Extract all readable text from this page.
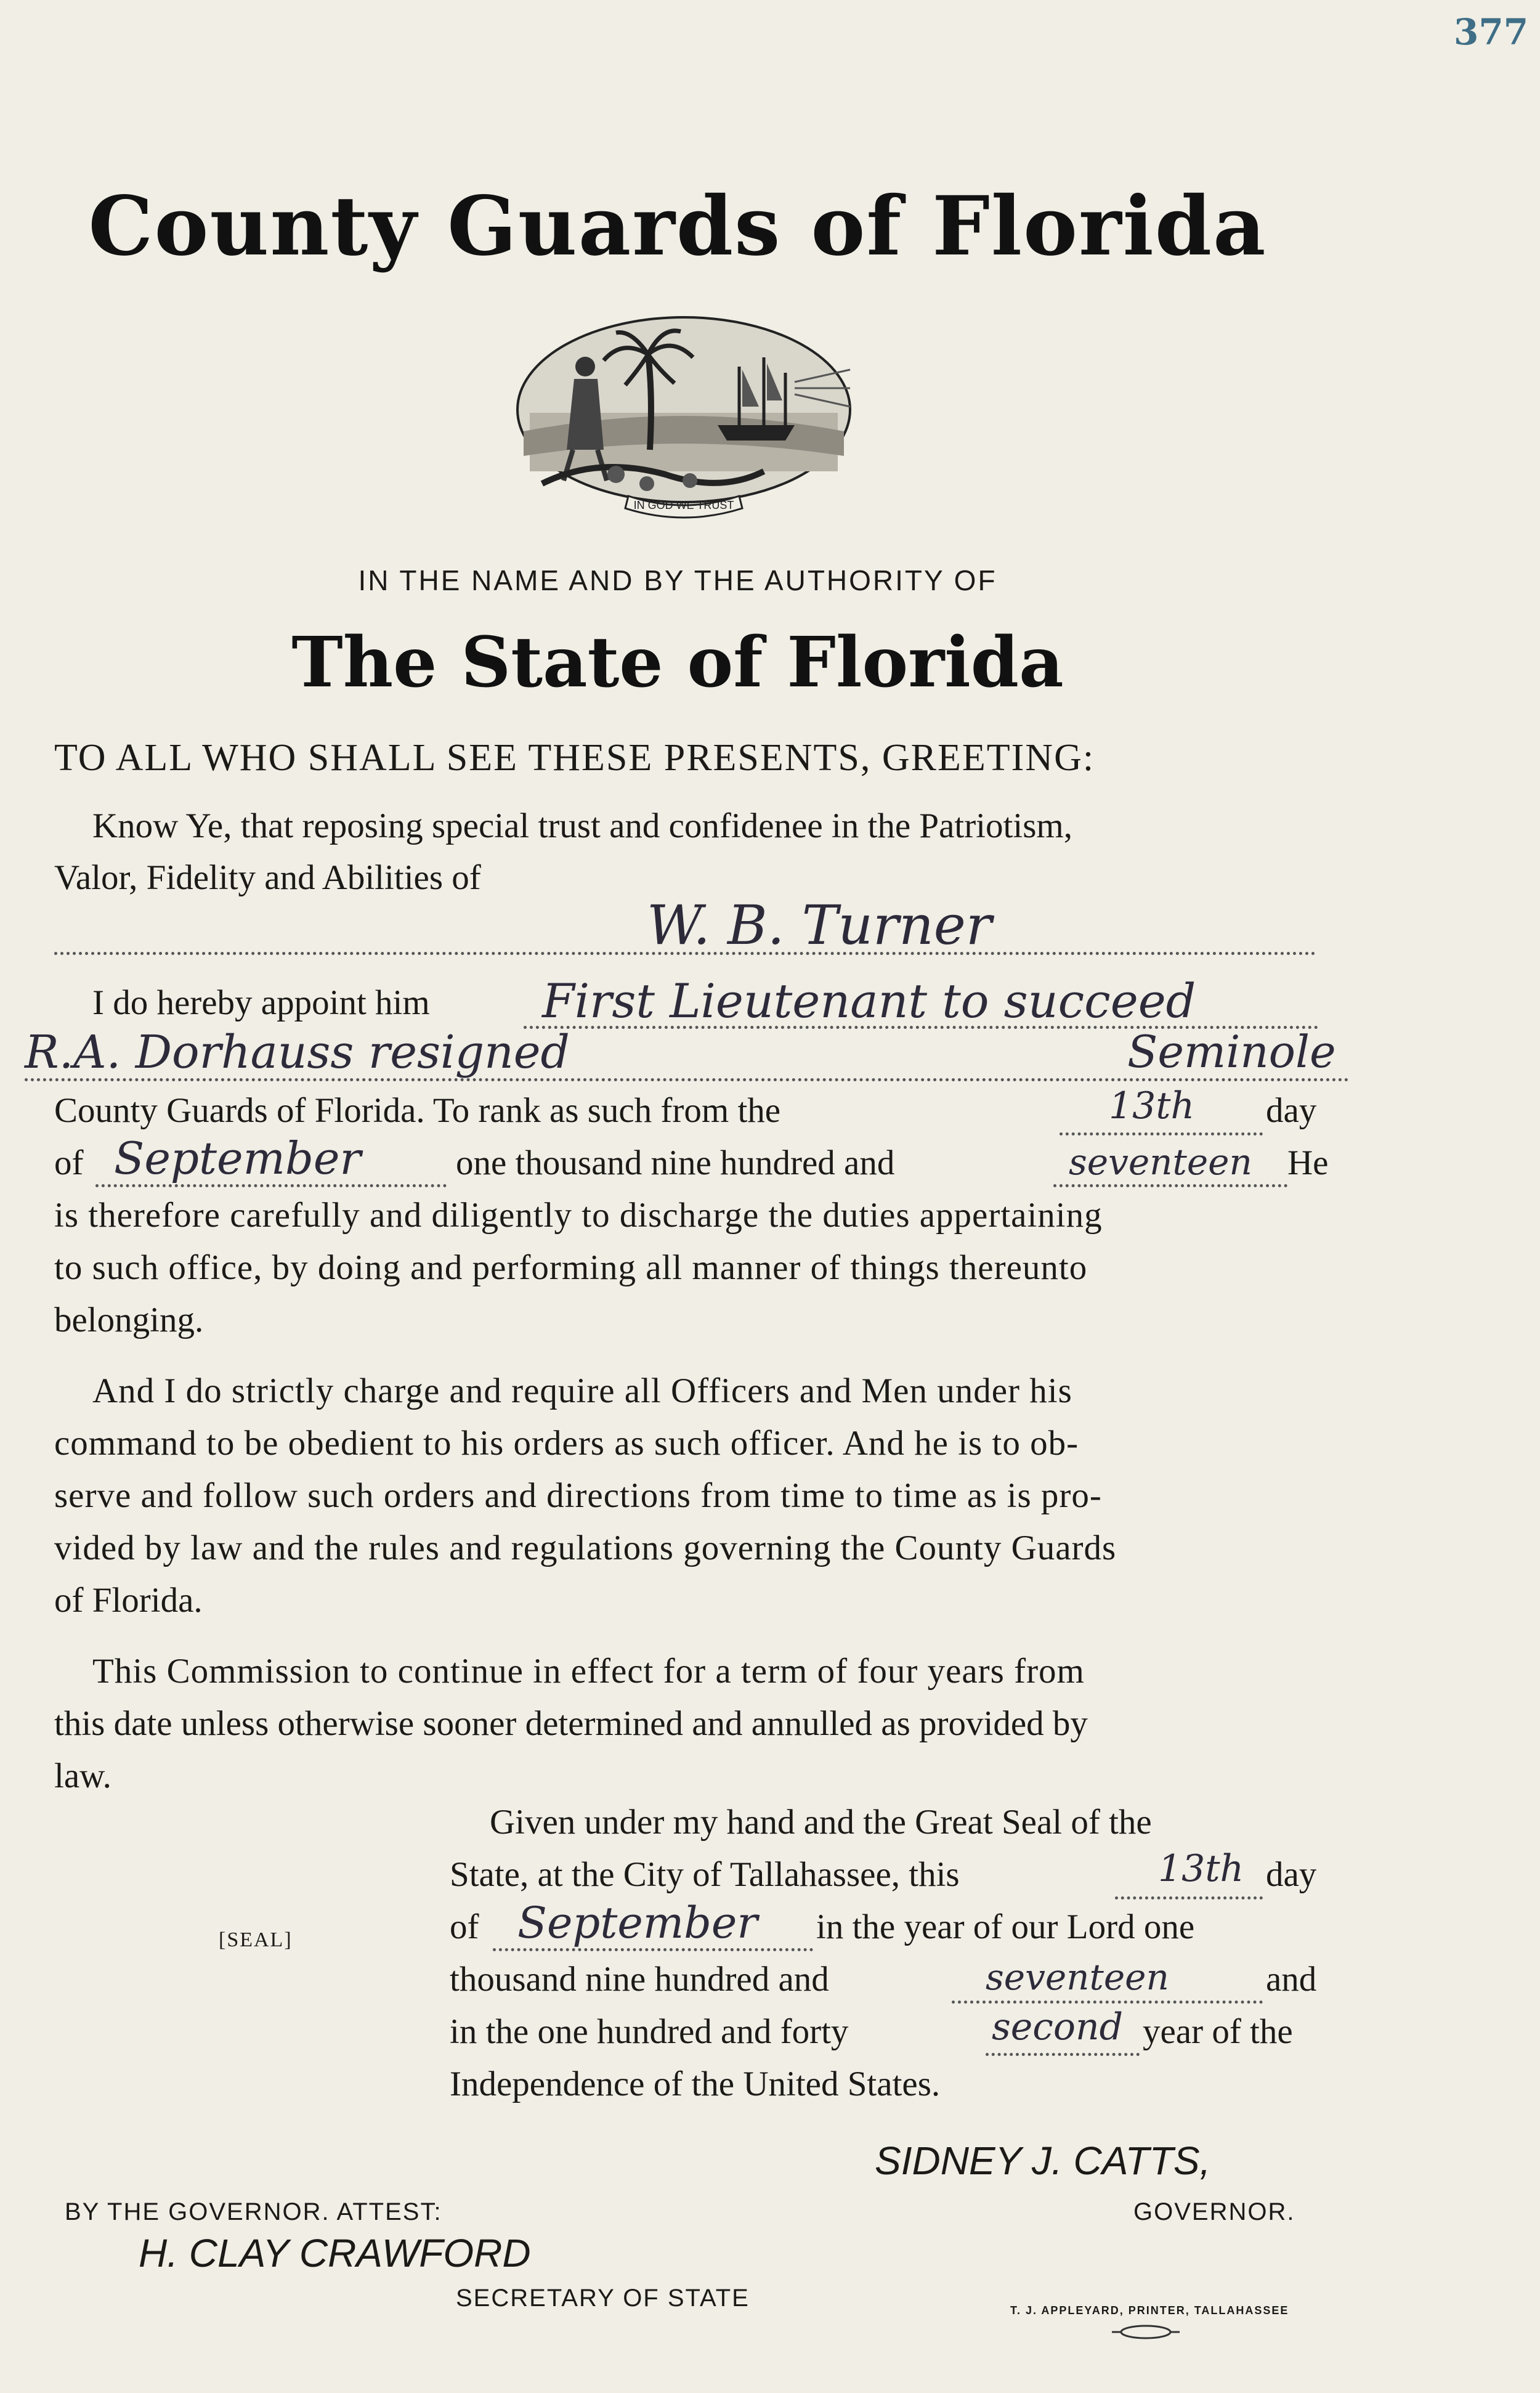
377
County Guards of Florida
IN GOD WE TRUST
IN THE NAME AND BY THE AUTHORITY OF
The State of Florida
TO ALL WHO SHALL SEE THESE PRESENTS, GREETING:
Know Ye, that reposing special trust and confidenee in the Patriotism,
Valor, Fidelity and Abilities of
W. B. Turner
I do hereby appoint him First Lieutenant to succeed
R.A. Dorhauss resigned	Seminole
County Guards of Florida. To rank as such from the	13th day
of September	one thousand nine hundred and	seventeen He
is therefore carefully and diligently to discharge the duties appertaining
to such office, by doing and performing all manner of things thereunto
belonging.
And I do strictly charge and require all Officers and Men under his
command to be obedient to his orders as such officer. And he is to ob-
serve and follow such orders and directions from time to time as is pro-
vided by law and the rules and regulations governing the County Guards
of Florida.
This Commission to continue in effect for a term of four years from
this date unless otherwise sooner determined and annulled as provided by
law.
Given under my hand and the Great Seal of the
State, at the City of Tallahassee, this	13th day
[SEAL]	of September in the year of our Lord one
thousand nine hundred and	seventeen	and
in the one hundred and forty	second year of the
Independence of the United States.
SIDNEY J. CATTS,
GOVERNOR.
BY THE GOVERNOR. ATTEST:
H. CLAY CRAWFORD
SECRETARY OF STATE	T. J. APPLEYARD, PRINTER, TALLAHASSEE
